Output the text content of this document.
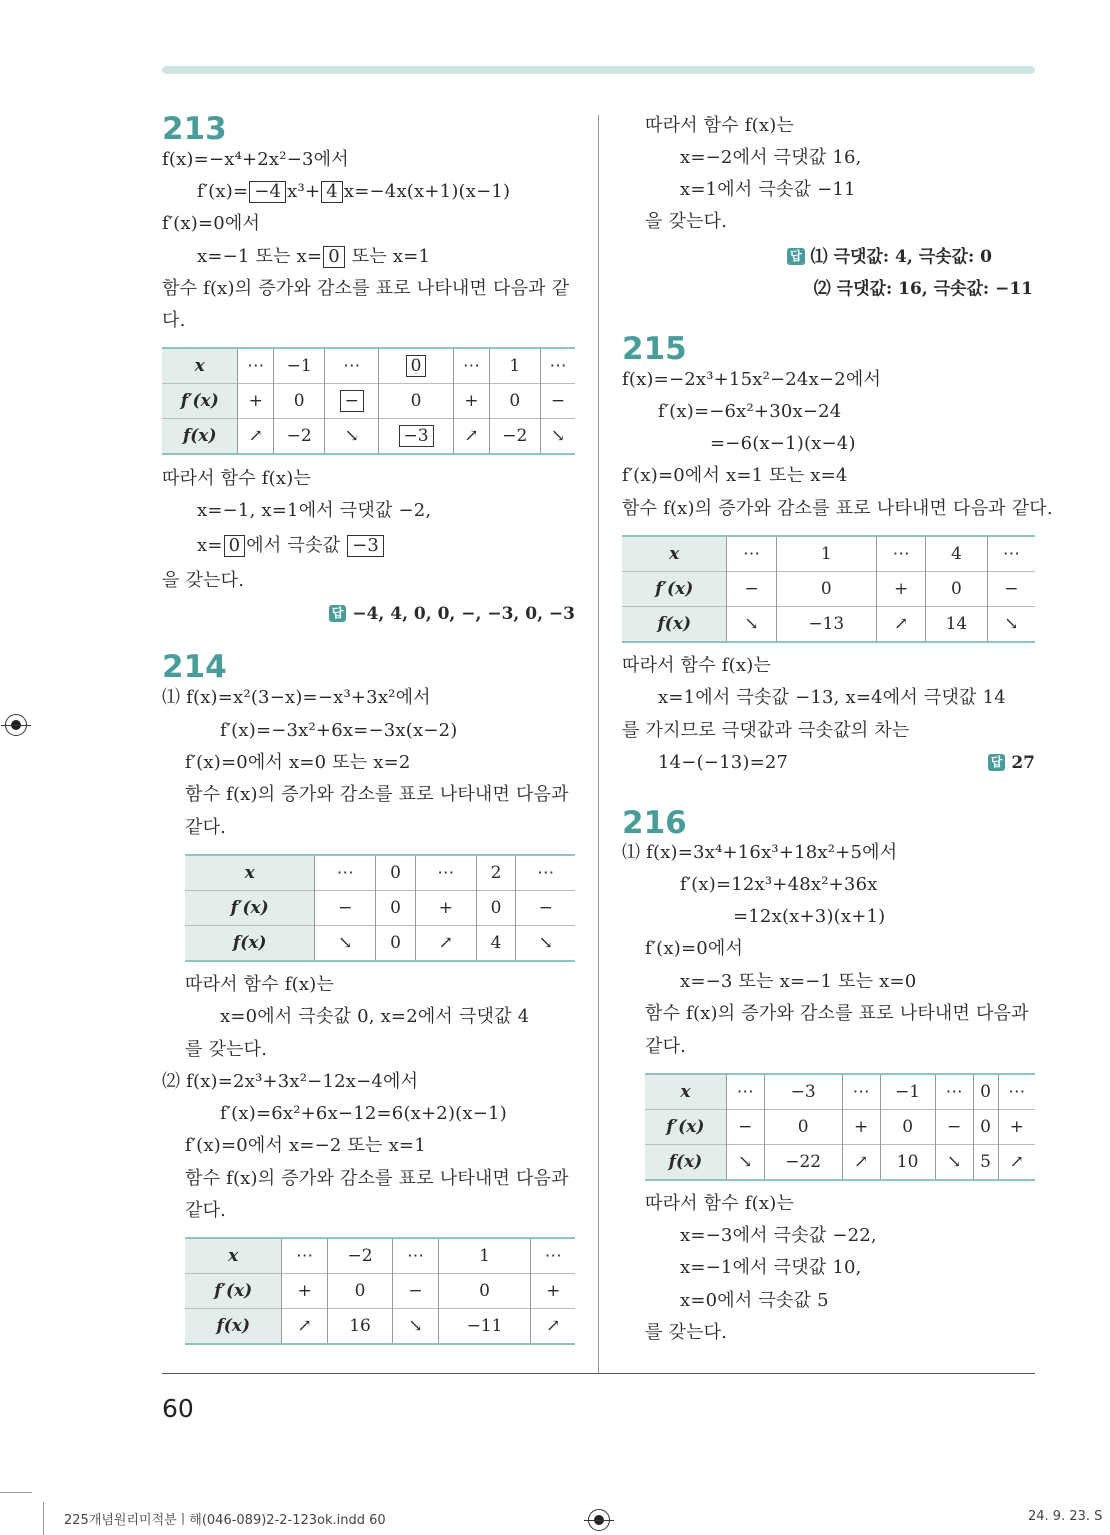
60
225개념원리미적분ㅣ해(046-089)2-2-123ok.indd 60	24. 9. 23. S
213
214
215
216
f(x)=−x⁴+2x²−3에서
f′(x)= −4 x³+ 4 x=−4x(x+1)(x−1)
f′(x)=0에서
x=−1 또는 x= 0 또는 x=1
함수 f(x)의 증가와 감소를 표로 나타내면 다음과 같
다.
따라서 함수 f(x)는
x=−1, x=1에서 극댓값 −2,
x= 0 에서 극솟값 −3
을 갖는다.
⑴ f(x)=x²(3−x)=−x³+3x²에서
f′(x)=−3x²+6x=−3x(x−2)
f′(x)=0에서 x=0 또는 x=2
함수 f(x)의 증가와 감소를 표로 나타내면 다음과
같다.
따라서 함수 f(x)는
x=0에서 극솟값 0, x=2에서 극댓값 4
를 갖는다.
⑵ f(x)=2x³+3x²−12x−4에서
f′(x)=6x²+6x−12=6(x+2)(x−1)
f′(x)=0에서 x=−2 또는 x=1
함수 f(x)의 증가와 감소를 표로 나타내면 다음과
같다.
따라서 함수 f(x)는
x=−2에서 극댓값 16,
x=1에서 극솟값 −11
을 갖는다.
f(x)=−2x³+15x²−24x−2에서
f′(x)=−6x²+30x−24
=−6(x−1)(x−4)
f′(x)=0에서 x=1 또는 x=4
함수 f(x)의 증가와 감소를 표로 나타내면 다음과 같다.
따라서 함수 f(x)는
x=1에서 극솟값 −13, x=4에서 극댓값 14
를 가지므로 극댓값과 극솟값의 차는
14−(−13)=27
⑴ f(x)=3x⁴+16x³+18x²+5에서
f′(x)=12x³+48x²+36x
=12x(x+3)(x+1)
f′(x)=0에서
x=−3 또는 x=−1 또는 x=0
함수 f(x)의 증가와 감소를 표로 나타내면 다음과
같다.
따라서 함수 f(x)는
x=−3에서 극솟값 −22,
x=−1에서 극댓값 10,
x=0에서 극솟값 5
를 갖는다.
답 −4, 4, 0, 0, −, −3, 0, −3
답 ⑴ 극댓값: 4, 극솟값: 0
⑵ 극댓값: 16, 극솟값: −11
답 27
x	⋯	−1	⋯	0	⋯	1	⋯
f′(x)	+	0	−	0	+	0	−
f(x)	↗	−2	↘	−3	↗	−2	↘
x	⋯	0	⋯	2	⋯
f′(x)	−	0	+	0	−
f(x)	↘	0	↗	4	↘
x	⋯	−2	⋯	1	⋯
f′(x)	+	0	−	0	+
f(x)	↗	16	↘	−11	↗
x	⋯	1	⋯	4	⋯
f′(x)	−	0	+	0	−
f(x)	↘	−13	↗	14	↘
x	⋯	−3	⋯	−1	⋯	0	⋯
f′(x)	−	0	+	0	−	0	+
f(x)	↘	−22	↗	10	↘	5	↗
